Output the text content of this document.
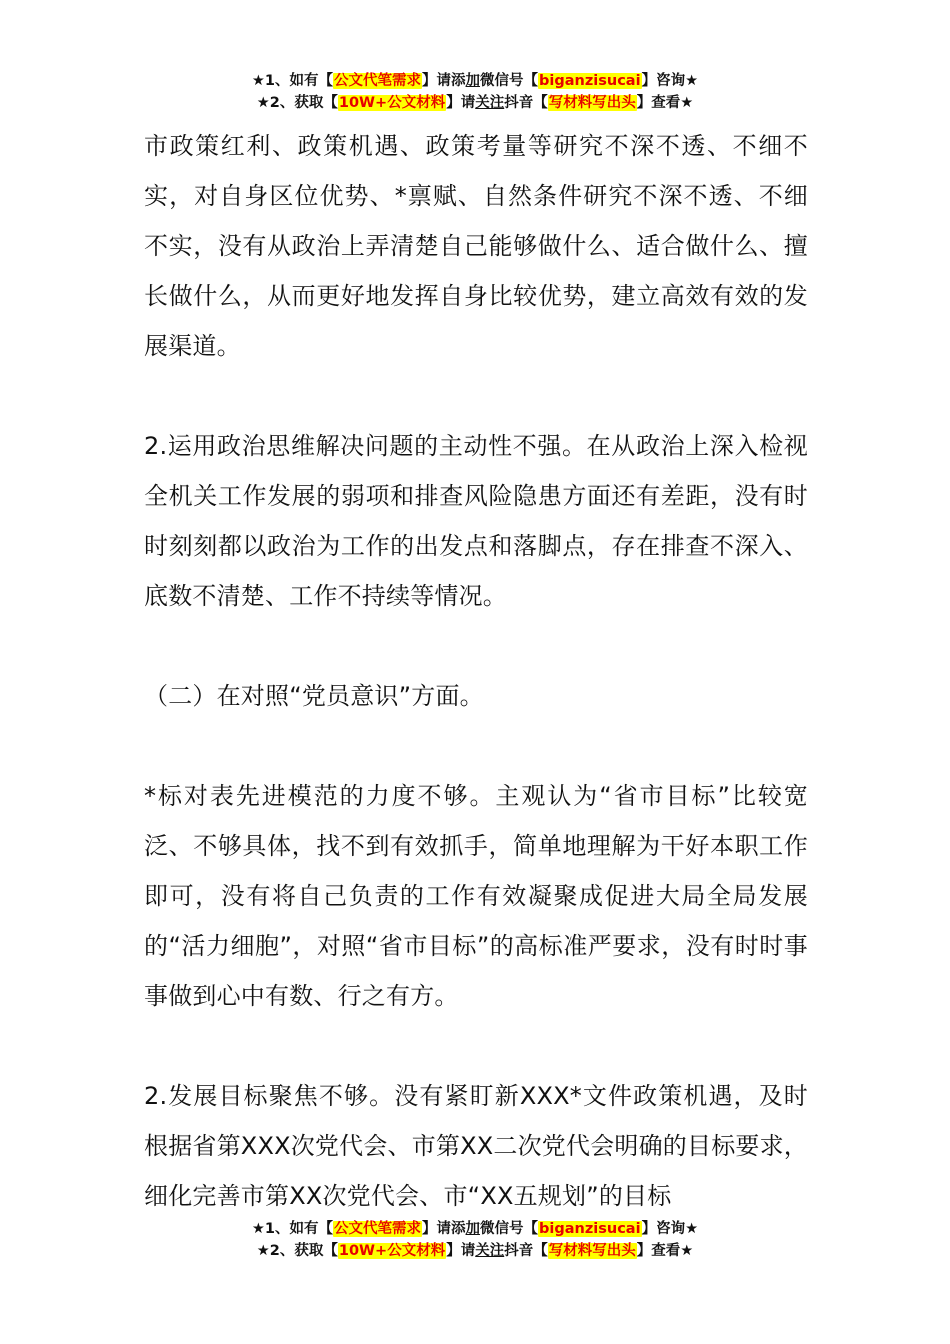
★1、如有【公文代笔需求】请添加微信号【biganzisucai】咨询★
★2、获取【10W+公文材料】请关注抖音【写材料写出头】查看★

市政策红利、政策机遇、政策考量等研究不深不透、不细不实，对自身区位优势、*禀赋、自然条件研究不深不透、不细不实，没有从政治上弄清楚自己能够做什么、适合做什么、擅长做什么，从而更好地发挥自身比较优势，建立高效有效的发展渠道。

2.运用政治思维解决问题的主动性不强。在从政治上深入检视全机关工作发展的弱项和排查风险隐患方面还有差距，没有时时刻刻都以政治为工作的出发点和落脚点，存在排查不深入、底数不清楚、工作不持续等情况。

（二）在对照“党员意识”方面。

*标对表先进模范的力度不够。主观认为“省市目标”比较宽泛、不够具体，找不到有效抓手，简单地理解为干好本职工作即可，没有将自己负责的工作有效凝聚成促进大局全局发展的“活力细胞”，对照“省市目标”的高标准严要求，没有时时事事做到心中有数、行之有方。

2.发展目标聚焦不够。没有紧盯新XXX*文件政策机遇，及时根据省第XXX次党代会、市第XX二次党代会明确的目标要求，细化完善市第XX次党代会、市“XX五规划”的目标

★1、如有【公文代笔需求】请添加微信号【biganzisucai】咨询★
★2、获取【10W+公文材料】请关注抖音【写材料写出头】查看★
